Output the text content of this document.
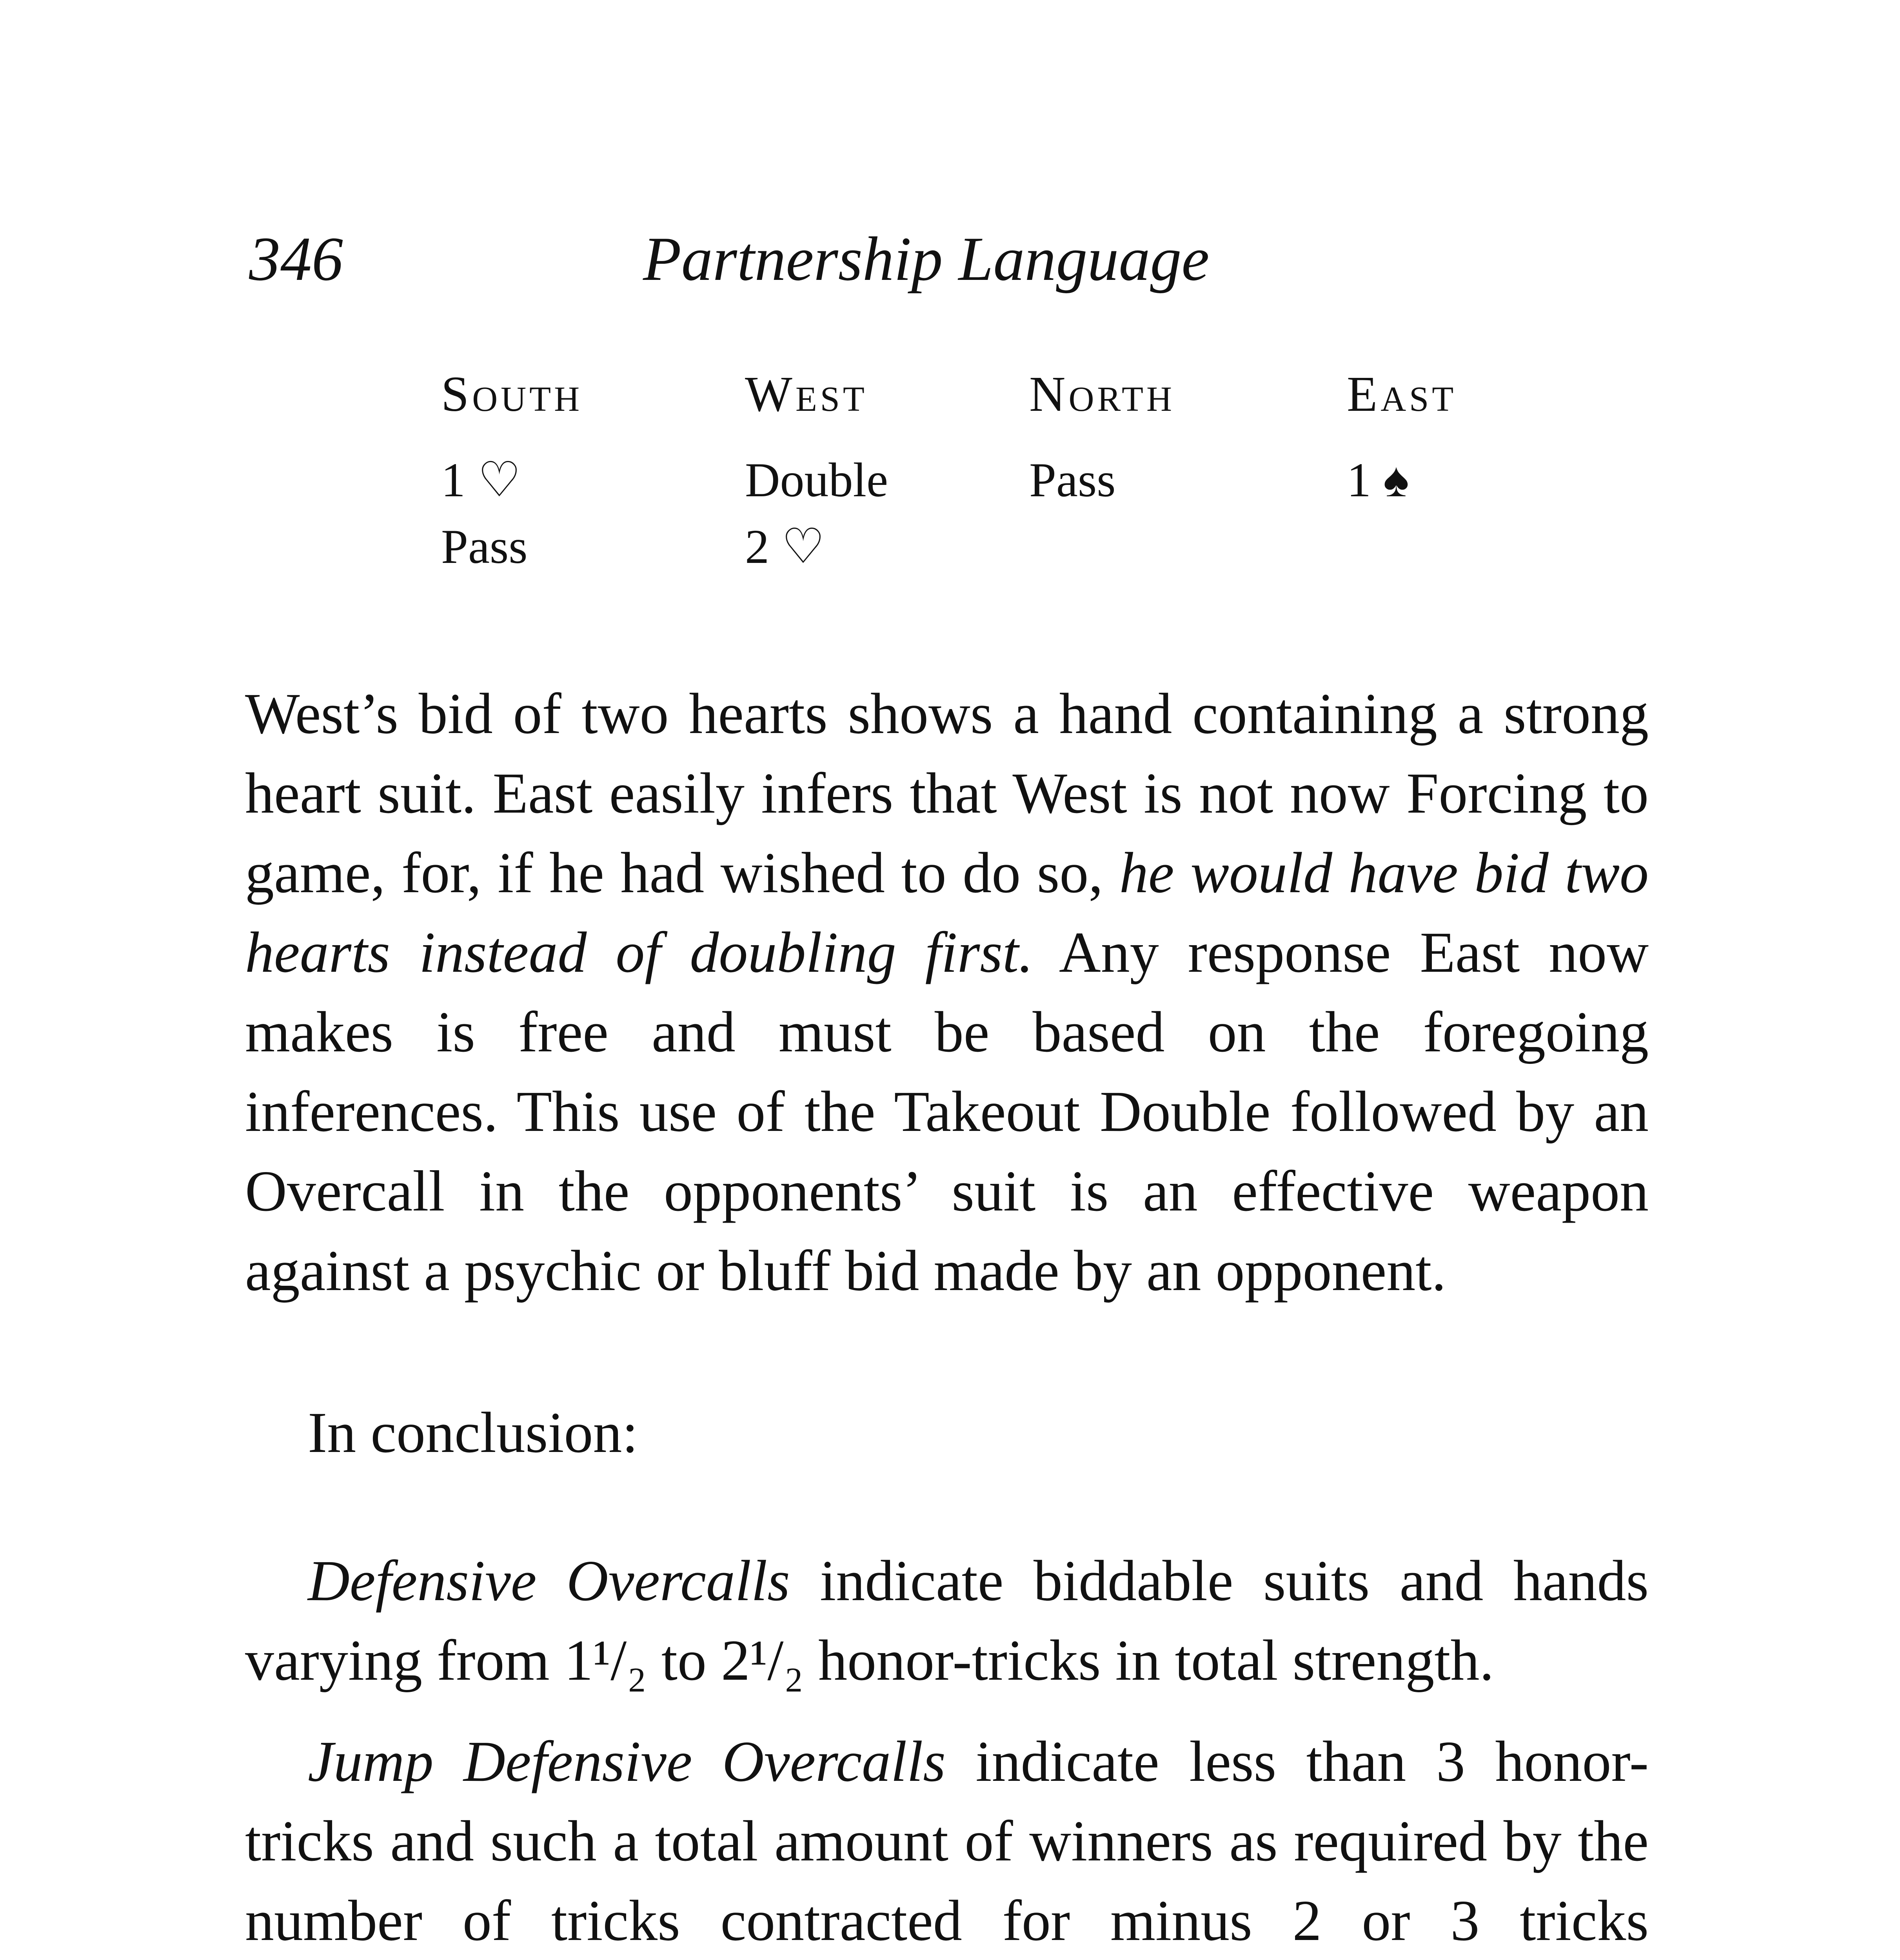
346	Partnership Language
South	West	North	East
1 ♡	Double	Pass	1 ♠
Pass	2 ♡

West’s bid of two hearts shows a hand containing a strong heart suit. East easily infers that West is not now Forcing to game, for, if he had wished to do so, he would have bid two hearts instead of doubling first. Any response East now makes is free and must be based on the foregoing inferences. This use of the Takeout Double followed by an Overcall in the opponents’ suit is an effective weapon against a psychic or bluff bid made by an opponent.

In conclusion:

Defensive Overcalls indicate biddable suits and hands varying from 1¹/₂ to 2¹/₂ honor-tricks in total strength.

Jump Defensive Overcalls indicate less than 3 honor-tricks and such a total amount of winners as required by the number of tricks contracted for minus 2 or 3 tricks
